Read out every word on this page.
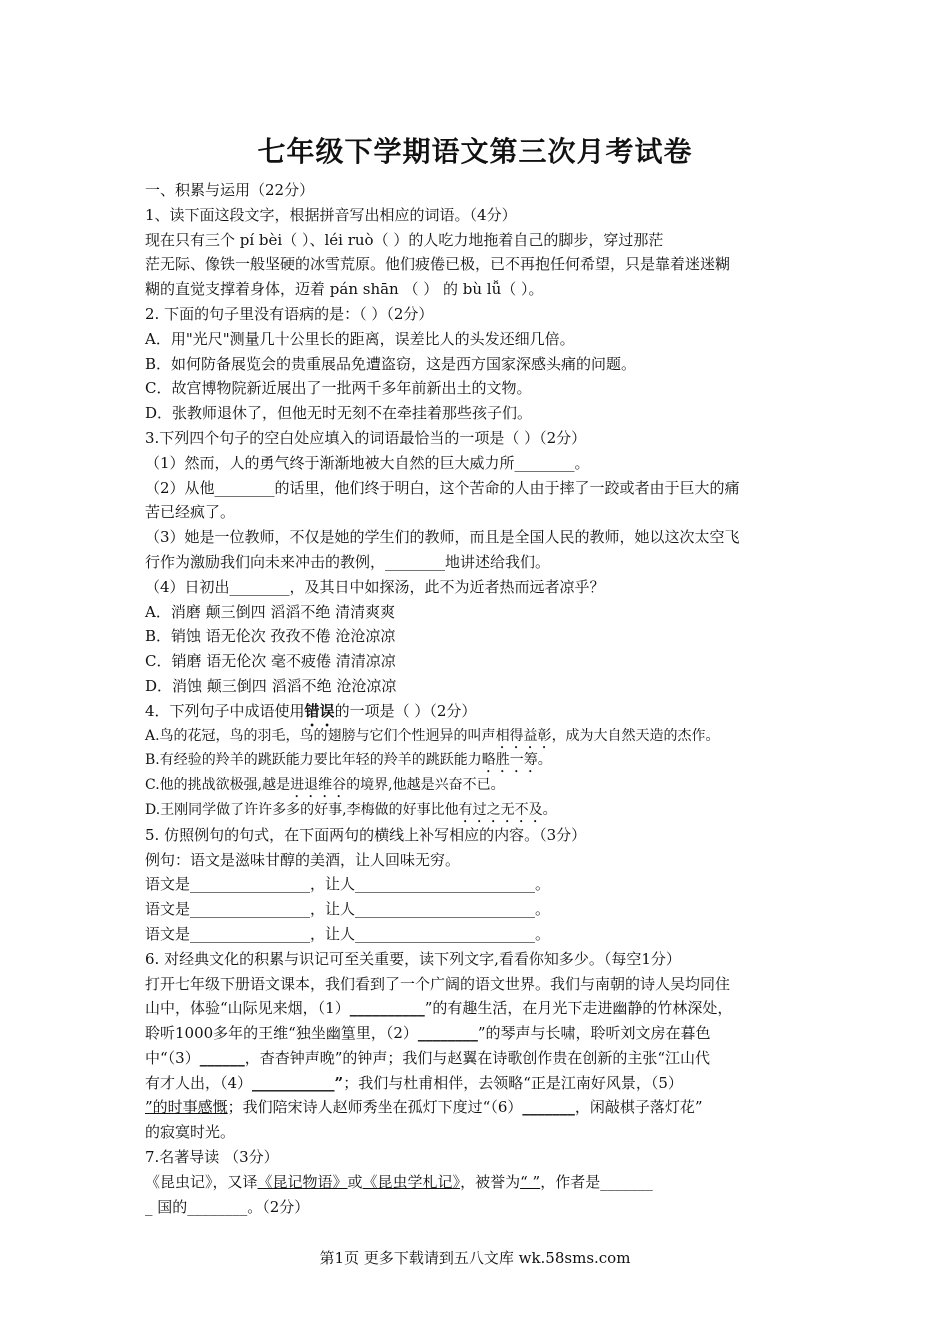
七年级下学期语文第三次月考试卷
一、积累与运用（22分）
1、读下面这段文字，根据拼音写出相应的词语。（4分）
现在只有三个 pí bèi（ ）、léi ruò（ ）的人吃力地拖着自己的脚步，穿过那茫
茫无际、像铁一般坚硬的冰雪荒原。他们疲倦已极，已不再抱任何希望，只是靠着迷迷糊
糊的直觉支撑着身体，迈着 pán shān （ ） 的 bù lǚ（ ）。
2. 下面的句子里没有语病的是：（ ）（2分）
A．用"光尺"测量几十公里长的距离，误差比人的头发还细几倍。
B．如何防备展览会的贵重展品免遭盗窃，这是西方国家深感头痛的问题。
C．故宫博物院新近展出了一批两千多年前新出土的文物。
D．张教师退休了，但他无时无刻不在牵挂着那些孩子们。
3.下列四个句子的空白处应填入的词语最恰当的一项是（ ）（2分）
（1）然而，人的勇气终于渐渐地被大自然的巨大威力所________。
（2）从他________的话里，他们终于明白，这个苦命的人由于摔了一跤或者由于巨大的痛
苦已经疯了。
（3）她是一位教师，不仅是她的学生们的教师，而且是全国人民的教师，她以这次太空飞
行作为激励我们向未来冲击的教例，________地讲述给我们。
（4）日初出________，及其日中如探汤，此不为近者热而远者凉乎？
A．消磨 颠三倒四 滔滔不绝 清清爽爽
B．销蚀 语无伦次 孜孜不倦 沧沧凉凉
C．销磨 语无伦次 毫不疲倦 清清凉凉
D．消蚀 颠三倒四 滔滔不绝 沧沧凉凉
4．下列句子中成语使用错误的一项是（ ）（2分）
A.鸟的花冠，鸟的羽毛，鸟的翅膀与它们个性迥异的叫声相得益彰，成为大自然天造的杰作。
B.有经验的羚羊的跳跃能力要比年轻的羚羊的跳跃能力略胜一筹。
C.他的挑战欲极强,越是进退维谷的境界,他越是兴奋不已。
D.王刚同学做了许许多多的好事,李梅做的好事比他有过之无不及。
5. 仿照例句的句式，在下面两句的横线上补写相应的内容。（3分）
例句：语文是滋味甘醇的美酒，让人回味无穷。
语文是________________，让人________________________。
语文是________________，让人________________________。
语文是________________，让人________________________。
6. 对经典文化的积累与识记可至关重要，读下列文字,看看你知多少。（每空1分）
打开七年级下册语文课本，我们看到了一个广阔的语文世界。我们与南朝的诗人吴均同住
山中，体验“山际见来烟，（1）__________”的有趣生活，在月光下走进幽静的竹林深处，
聆听1000多年的王维“独坐幽篁里，（2）________”的琴声与长啸，聆听刘文房在暮色
中“（3）______，杳杳钟声晚”的钟声；我们与赵翼在诗歌创作贵在创新的主张“江山代
有才人出，（4）___________”；我们与杜甫相伴，去领略“正是江南好风景，（5）
”的时事感慨；我们陪宋诗人赵师秀坐在孤灯下度过“（6）_______，闲敲棋子落灯花”
的寂寞时光。
7.名著导读 （3分）
《昆虫记》，又译《昆记物语》或《昆虫学札记》，被誉为“ ”，作者是_______
_ 国的________。（2分）
第1页 更多下载请到五八文库 wk.58sms.com
